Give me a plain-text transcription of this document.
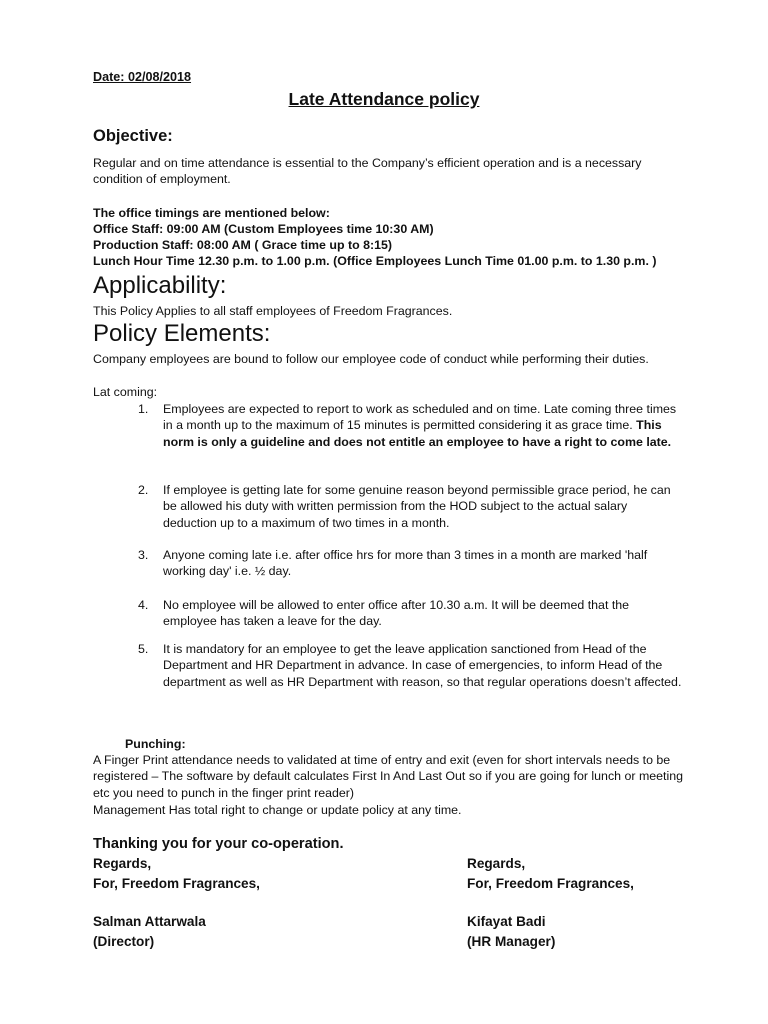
Date: 02/08/2018
Late Attendance policy
Objective:
Regular and on time attendance is essential to the Company’s efficient operation and is a necessary condition of employment.
The office timings are mentioned below:
Office Staff: 09:00 AM (Custom Employees time 10:30 AM)
Production Staff: 08:00 AM ( Grace time up to 8:15)
Lunch Hour Time 12.30 p.m. to 1.00 p.m. (Office Employees Lunch Time 01.00 p.m. to 1.30 p.m. )
Applicability:
This Policy Applies to all staff employees of Freedom Fragrances.
Policy Elements:
Company employees are bound to follow our employee code of conduct while performing their duties.
Lat coming:
1. Employees are expected to report to work as scheduled and on time. Late coming three times in a month up to the maximum of 15 minutes is permitted considering it as grace time. This norm is only a guideline and does not entitle an employee to have a right to come late.
2. If employee is getting late for some genuine reason beyond permissible grace period, he can be allowed his duty with written permission from the HOD subject to the actual salary deduction up to a maximum of two times in a month.
3. Anyone coming late i.e. after office hrs for more than 3 times in a month are marked 'half working day' i.e. ½ day.
4. No employee will be allowed to enter office after 10.30 a.m. It will be deemed that the employee has taken a leave for the day.
5. It is mandatory for an employee to get the leave application sanctioned from Head of the Department and HR Department in advance. In case of emergencies, to inform Head of the department as well as HR Department with reason, so that regular operations doesn’t affected.
Punching:
A Finger Print attendance needs to validated at time of entry and exit (even for short intervals needs to be registered – The software by default calculates First In And Last Out so if you are going for lunch or meeting etc you need to punch in the finger print reader)
Management Has total right to change or update policy at any time.
Thanking you for your co-operation.
Regards,
For, Freedom Fragrances,
Salman Attarwala
(Director)
Regards,
For, Freedom Fragrances,
Kifayat Badi
(HR Manager)
